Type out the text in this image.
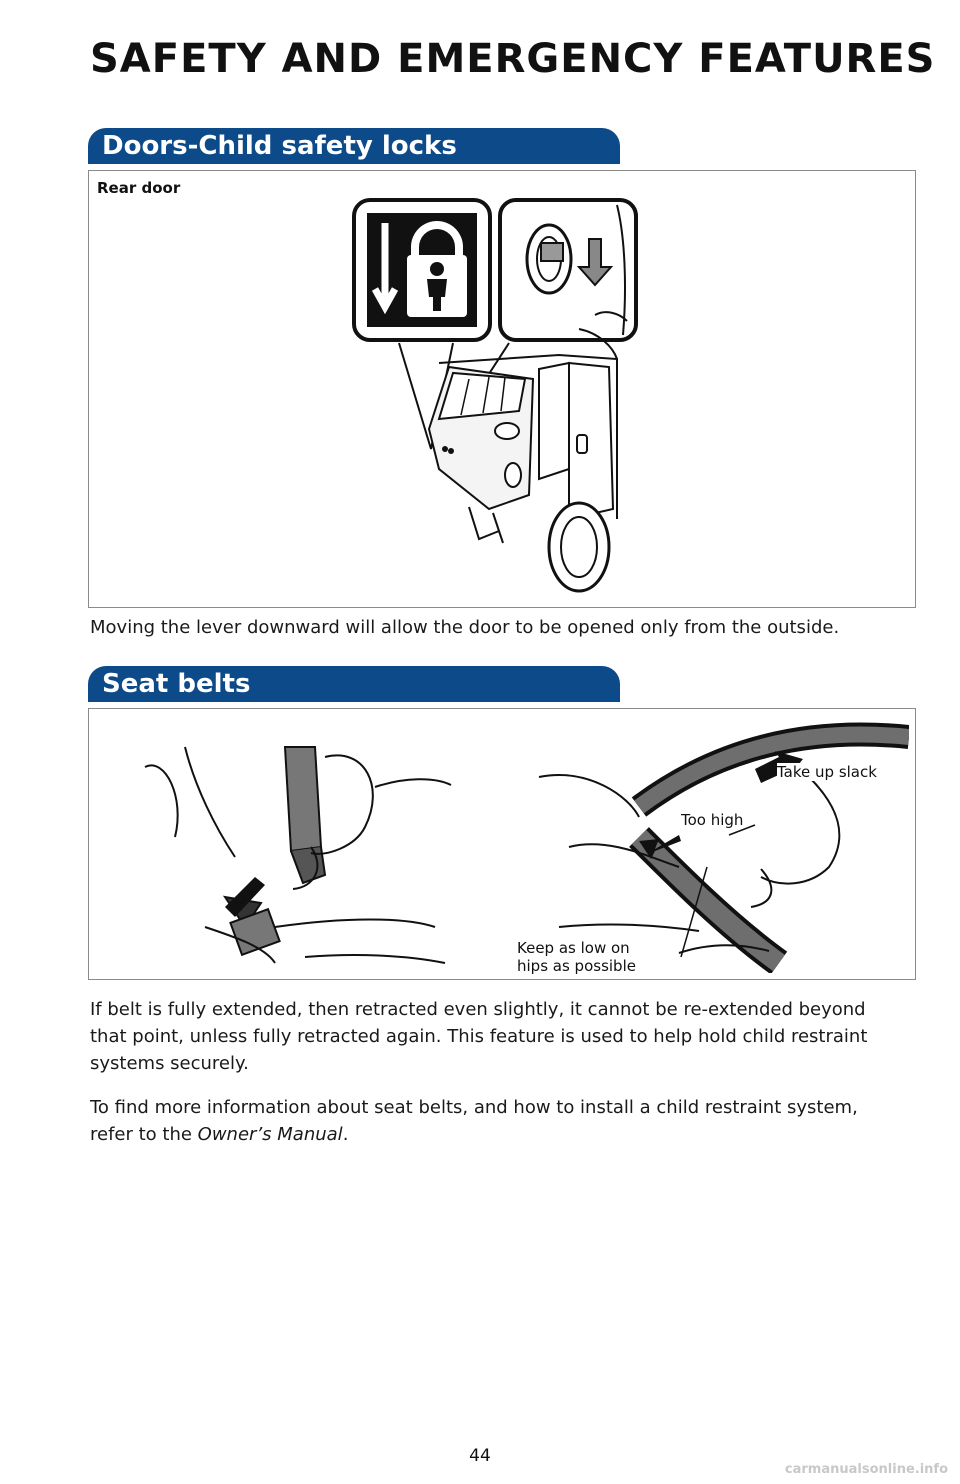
SAFETY AND EMERGENCY FEATURES
Doors-Child safety locks
Rear door
Moving the lever downward will allow the door to be opened only from the outside.
Seat belts
Take up slack
Too high
Keep as low on
hips as possible
If belt is fully extended, then retracted even slightly, it cannot be re-extended beyond that point, unless fully retracted again. This feature is used to help hold child restraint systems securely.
To find more information about seat belts, and how to install a child restraint system, refer to the Owner’s Manual.
44
carmanualsonline.info
